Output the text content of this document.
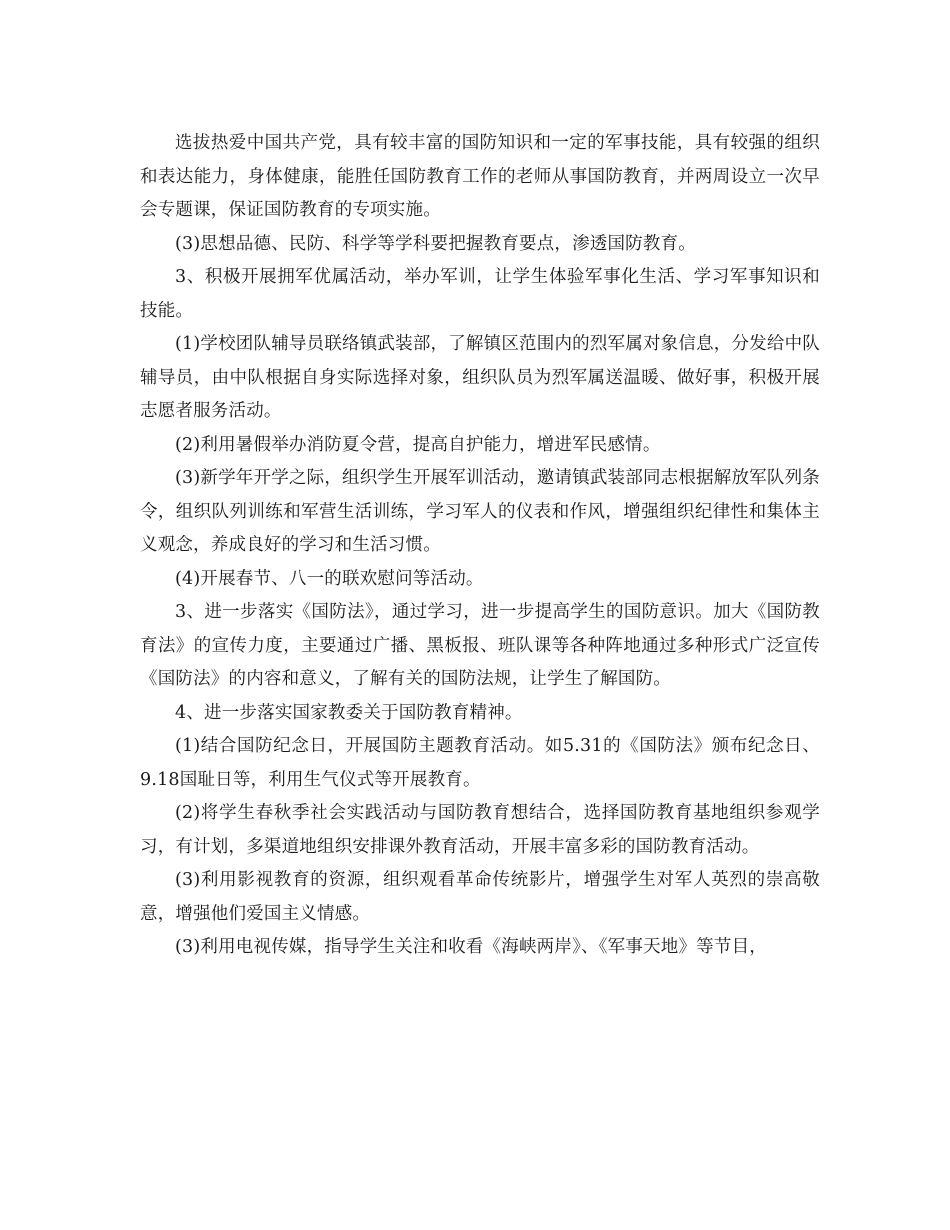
选拔热爱中国共产党，具有较丰富的国防知识和一定的军事技能，具有较强的组织和表达能力，身体健康，能胜任国防教育工作的老师从事国防教育，并两周设立一次早会专题课，保证国防教育的专项实施。

(3)思想品德、民防、科学等学科要把握教育要点，渗透国防教育。

3、积极开展拥军优属活动，举办军训，让学生体验军事化生活、学习军事知识和技能。

(1)学校团队辅导员联络镇武装部，了解镇区范围内的烈军属对象信息，分发给中队辅导员，由中队根据自身实际选择对象，组织队员为烈军属送温暖、做好事，积极开展志愿者服务活动。

(2)利用暑假举办消防夏令营，提高自护能力，增进军民感情。

(3)新学年开学之际，组织学生开展军训活动，邀请镇武装部同志根据解放军队列条令，组织队列训练和军营生活训练，学习军人的仪表和作风，增强组织纪律性和集体主义观念，养成良好的学习和生活习惯。

(4)开展春节、八一的联欢慰问等活动。

3、进一步落实《国防法》，通过学习，进一步提高学生的国防意识。加大《国防教育法》的宣传力度，主要通过广播、黑板报、班队课等各种阵地通过多种形式广泛宣传《国防法》的内容和意义，了解有关的国防法规，让学生了解国防。

4、进一步落实国家教委关于国防教育精神。

(1)结合国防纪念日，开展国防主题教育活动。如5.31的《国防法》颁布纪念日、9.18国耻日等，利用生气仪式等开展教育。

(2)将学生春秋季社会实践活动与国防教育想结合，选择国防教育基地组织参观学习，有计划，多渠道地组织安排课外教育活动，开展丰富多彩的国防教育活动。

(3)利用影视教育的资源，组织观看革命传统影片，增强学生对军人英烈的崇高敬意，增强他们爱国主义情感。

(3)利用电视传媒，指导学生关注和收看《海峡两岸》、《军事天地》等节目，
